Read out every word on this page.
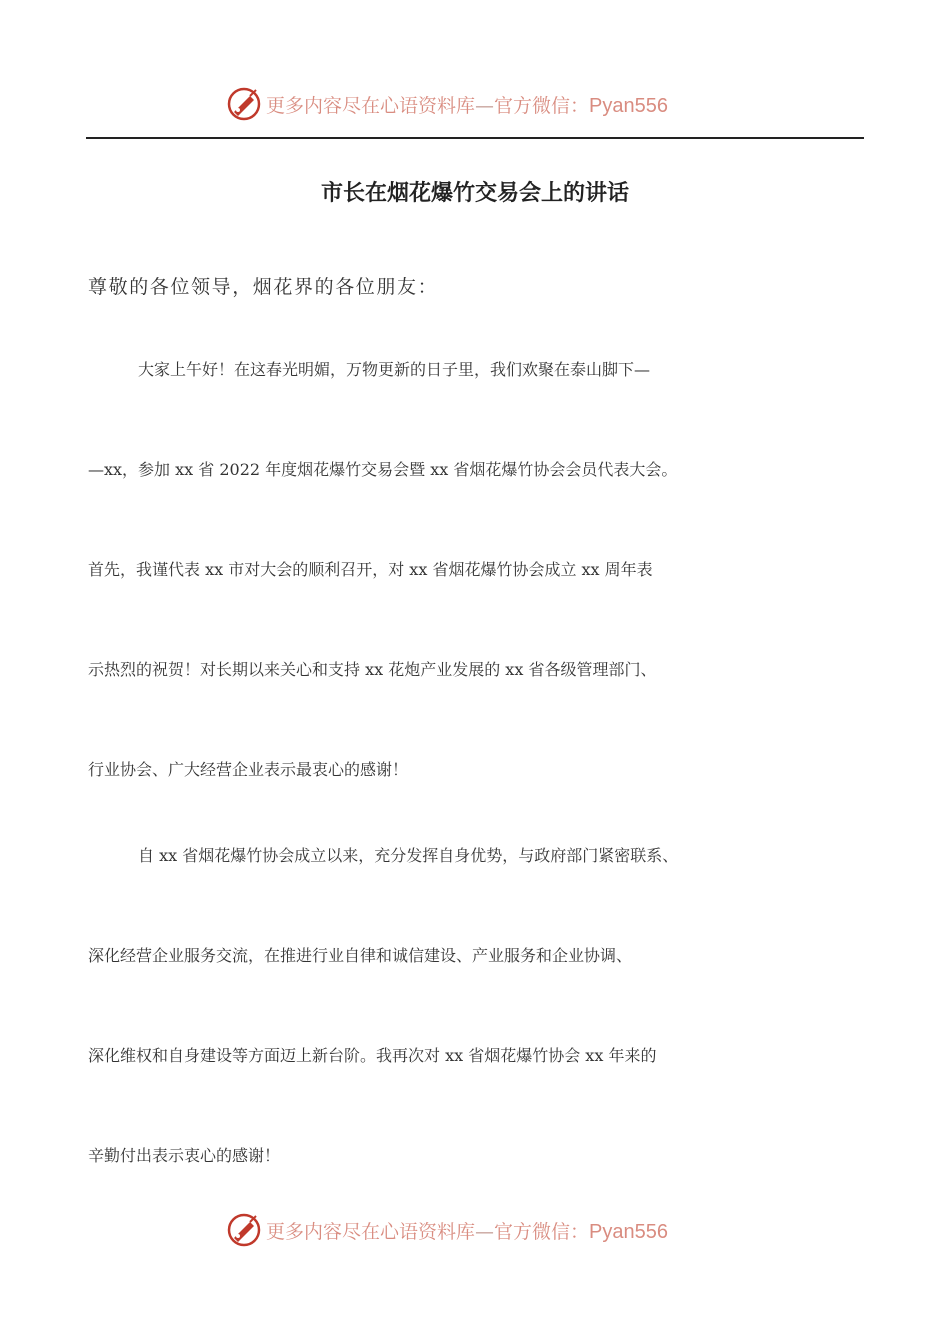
更多内容尽在心语资料库—官方微信：Pyan556
市长在烟花爆竹交易会上的讲话
尊敬的各位领导，烟花界的各位朋友：
大家上午好！在这春光明媚，万物更新的日子里，我们欢聚在泰山脚下—
—xx，参加 xx 省 2022 年度烟花爆竹交易会暨 xx 省烟花爆竹协会会员代表大会。
首先，我谨代表 xx 市对大会的顺利召开，对 xx 省烟花爆竹协会成立 xx 周年表
示热烈的祝贺！对长期以来关心和支持 xx 花炮产业发展的 xx 省各级管理部门、
行业协会、广大经营企业表示最衷心的感谢！
自 xx 省烟花爆竹协会成立以来，充分发挥自身优势，与政府部门紧密联系、
深化经营企业服务交流，在推进行业自律和诚信建设、产业服务和企业协调、
深化维权和自身建设等方面迈上新台阶。我再次对 xx 省烟花爆竹协会 xx 年来的
辛勤付出表示衷心的感谢！
更多内容尽在心语资料库—官方微信：Pyan556
